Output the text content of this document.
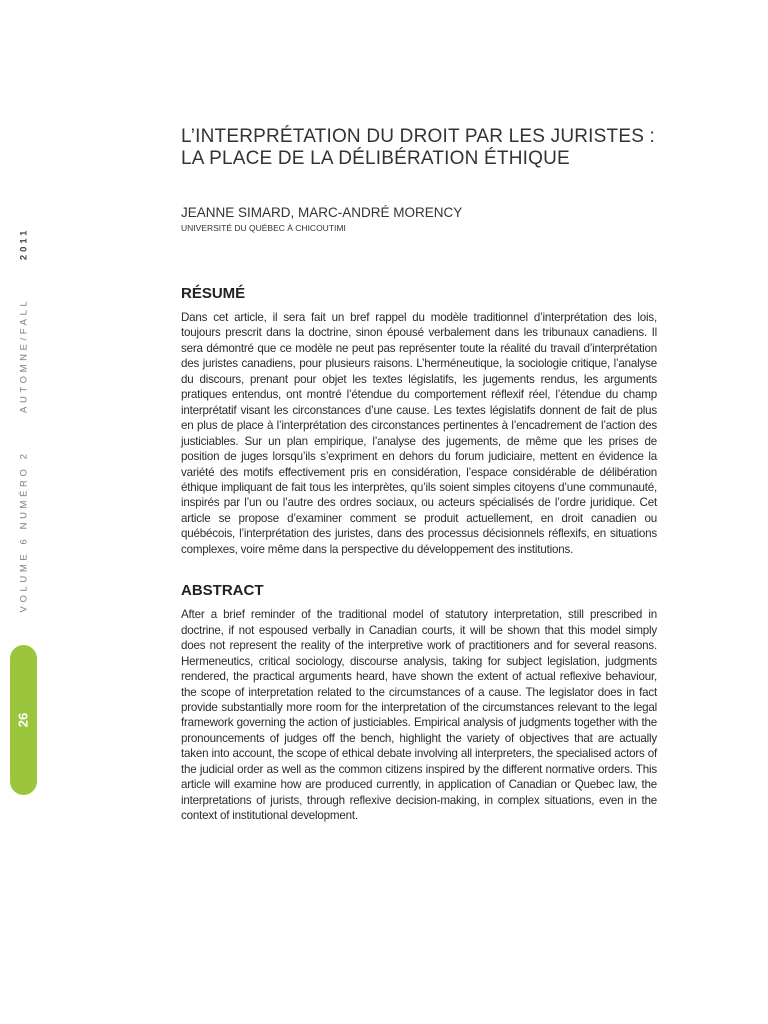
VOLUME 6 NUMÉRO 2      AUTOMNE/FALL      2011
26
L’INTERPRÉTATION DU DROIT PAR LES JURISTES :
LA PLACE DE LA DÉLIBÉRATION ÉTHIQUE
JEANNE SIMARD, MARC-ANDRÉ MORENCY
UNIVERSITÉ DU QUÉBEC À CHICOUTIMI
RÉSUMÉ

Dans cet article, il sera fait un bref rappel du modèle traditionnel d’interprétation des lois, toujours prescrit dans la doctrine, sinon épousé verbalement dans les tribunaux canadiens. Il sera démontré que ce modèle ne peut pas représenter toute la réalité du travail d’interprétation des juristes canadiens, pour plusieurs raisons. L’herméneutique, la sociologie critique, l’analyse du discours, prenant pour objet les textes législatifs, les jugements rendus, les arguments pratiques entendus, ont montré l’étendue du comportement réflexif réel, l’étendue du champ interprétatif visant les circonstances d’une cause. Les textes législatifs donnent de fait de plus en plus de place à l’interprétation des circonstances pertinentes à l’encadrement de l’action des justiciables. Sur un plan empirique, l’analyse des jugements, de même que les prises de position de juges lorsqu’ils s’expriment en dehors du forum judiciaire, mettent en évidence la variété des motifs effectivement pris en considération, l’espace considérable de délibération éthique impliquant de fait tous les interprètes, qu’ils soient simples citoyens d’une communauté, inspirés par l’un ou l’autre des ordres sociaux, ou acteurs spécialisés de l’ordre juridique. Cet article se propose d’examiner comment se produit actuellement, en droit canadien ou québécois, l’interprétation des juristes, dans des processus décisionnels réflexifs, en situations complexes, voire même dans la perspective du développement des institutions.

ABSTRACT

After a brief reminder of the traditional model of statutory interpretation, still prescribed in doctrine, if not espoused verbally in Canadian courts, it will be shown that this model simply does not represent the reality of the interpretive work of practitioners and for several reasons. Hermeneutics, critical sociology, discourse analysis, taking for subject legislation, judgments rendered, the practical arguments heard, have shown the extent of actual reflexive behaviour, the scope of interpretation related to the circumstances of a cause. The legislator does in fact provide substantially more room for the interpretation of the circumstances relevant to the legal framework governing the action of justiciables. Empirical analysis of judgments together with the pronouncements of judges off the bench, highlight the variety of objectives that are actually taken into account, the scope of ethical debate involving all interpreters, the specialised actors of the judicial order as well as the common citizens inspired by the different normative orders. This article will examine how are produced currently, in application of Canadian or Quebec law, the interpretations of jurists, through reflexive decision-making, in complex situations, even in the context of institutional development.
